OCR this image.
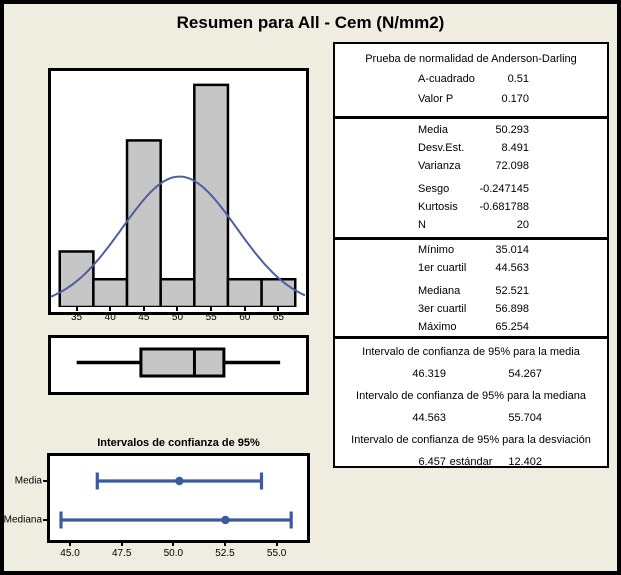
Resumen para All - Cem (N/mm2)
35 40 45 50 55 60 65
Intervalos de confianza de 95%
45.0	47.5	50.0	52.5	55.0
Media
Mediana
Prueba de normalidad de Anderson-Darling
A-cuadrado	0.51
Valor P	0.170
Media	50.293
Desv.Est.	8.491
Varianza	72.098
Sesgo	-0.247145
Kurtosis -0.681788
N	20
Mínimo	35.014
1er cuartil	44.563
Mediana	52.521
3er cuartil	56.898
Máximo	65.254
Intervalo de confianza de 95% para la media
46.319	54.267
Intervalo de confianza de 95% para la mediana
44.563	55.704
Intervalo de confianza de 95% para la desviación estándar
6.457	12.402
